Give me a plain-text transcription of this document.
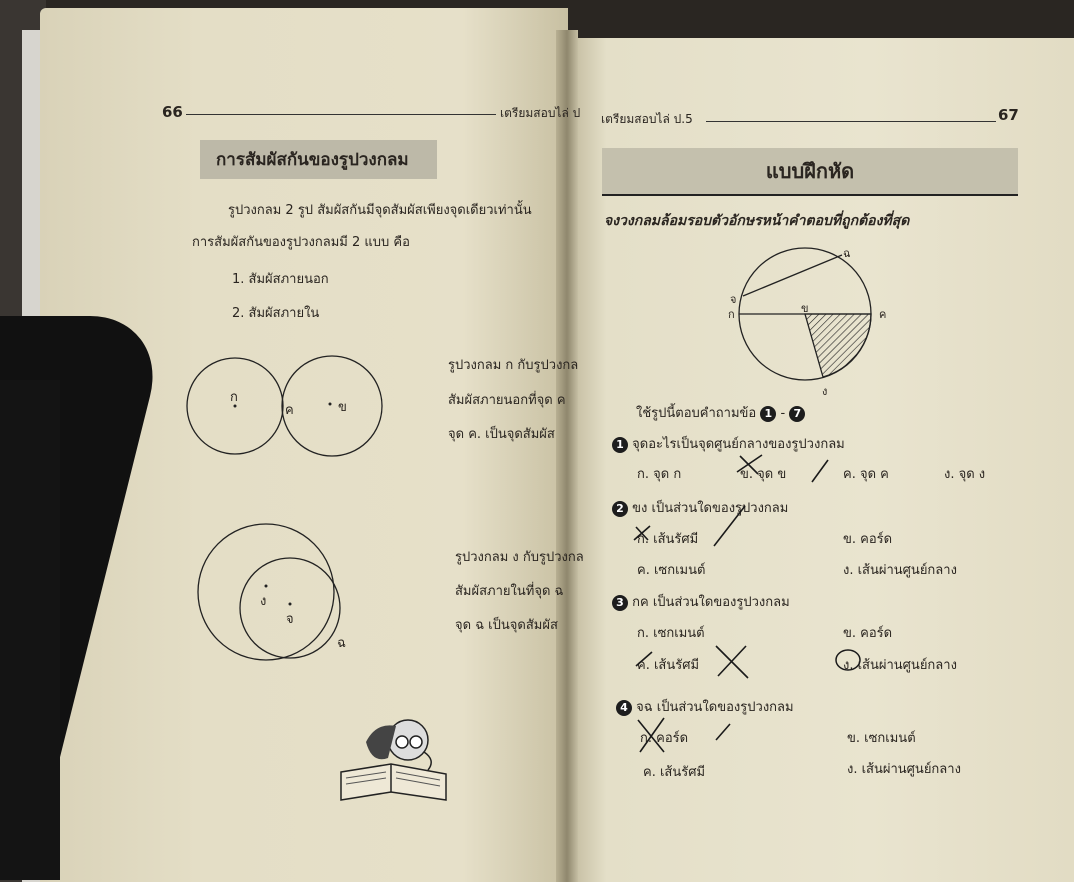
66	เตรียมสอบไล่ ป
การสัมผัสกันของรูปวงกลม
รูปวงกลม 2 รูป สัมผัสกันมีจุดสัมผัสเพียงจุดเดียวเท่านั้น
การสัมผัสกันของรูปวงกลมมี 2 แบบ คือ
1. สัมผัสภายนอก
2. สัมผัสภายใน
ก
ค	ข
รูปวงกลม ก กับรูปวงกล
สัมผัสภายนอกที่จุด ค
จุด ค. เป็นจุดสัมผัส
ง
จ
ฉ
รูปวงกลม ง กับรูปวงกล
สัมผัสภายในที่จุด ฉ
จุด ฉ เป็นจุดสัมผัส
เตรียมสอบไล่ ป.5	67
แบบฝึกหัด
จงวงกลมล้อมรอบตัวอักษรหน้าคำตอบที่ถูกต้องที่สุด
ฉ
จ
ก	ข	ค
ง
ใช้รูปนี้ตอบคำถามข้อ 1 - 7
1 จุดอะไรเป็นจุดศูนย์กลางของรูปวงกลม
ก. จุด ก	ข. จุด ข	ค. จุด ค	ง. จุด ง
2 ขง เป็นส่วนใดของรูปวงกลม
ก. เส้นรัศมี	ข. คอร์ด
ค. เซกเมนต์	ง. เส้นผ่านศูนย์กลาง
3 กค เป็นส่วนใดของรูปวงกลม
ก. เซกเมนต์	ข. คอร์ด
ค. เส้นรัศมี	ง. เส้นผ่านศูนย์กลาง
4 จฉ เป็นส่วนใดของรูปวงกลม
ก. คอร์ด	ข. เซกเมนต์
ค. เส้นรัศมี	ง. เส้นผ่านศูนย์กลาง
